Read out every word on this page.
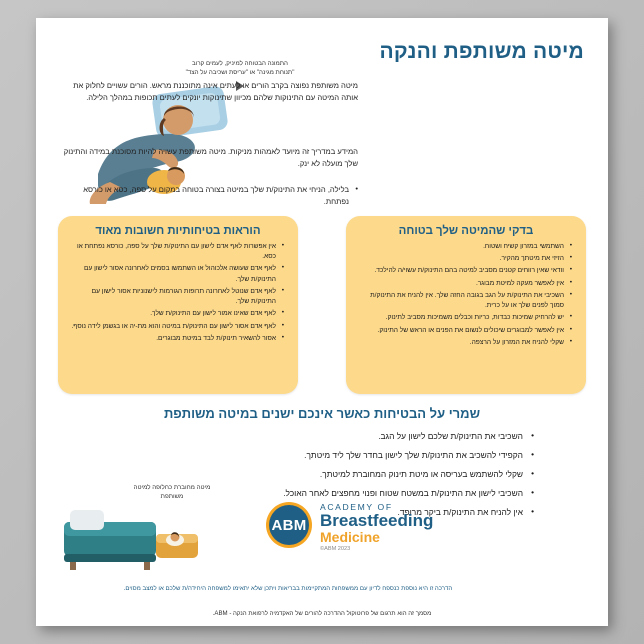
מיטה משותפת והנקה
התמונה הבטוחה למיניק, לעמים קרוב "תנוחת מגינה" או "עריסת ושכיבה על הצד"
מיטה משותפת נפוצה בקרב הורים או לעתים אינה מתוכננת מראש. הורים עשויים לחלוק את אותה המיטה עם התינוקות שלהם מכיוון שתינוקות יונקים לעתים תכופות במהלך הלילה.
המידע במדריך זה מיועד לאמהות מניקות. מיטה משותפת עשויה להיות מסוכנת במידה והתינוק שלך מועלה לא ינק.
• בלילה, הניחי את התינוק/ת שלך במיטה בצורה בטוחה במקום על ספה, כסא או כורסא נפתחת.
בדקי שהמיטה שלך בטוחה
• השתמשי במזרון קשיח ושטוח.
• הזיזי את מיטתך מהקיר.
• וודאי שאין רווחים קטנים מסביב למיטה בהם התינוק/ת עשוי/ה להילכד.
• אין לאפשר מעקה למיטת מבוגר.
• השכיבי את התינוק/ת על הגב בגובה החזה שלך. אין להניח את התינוק/ת סמוך לפנים שלך או על כרית.
• יש להרחיק שמיכות כבדות, כריות וכבלים משמיכות מסביב לתינוק.
• אין לאפשר למבוגרים שיכולים לנשום את הפנים או הראש של התינוק.
• שקלי להניח את המזרון על הרצפה.
הוראות בטיחותיות חשובות מאוד
• אין אפשרות לאף אדם לישון עם התינוק/ת שלך על ספה, כורסא נפתחת או כסא.
• לאף אדם שעושה אלכוהול או השתמשו בסמים לאחרונה אסור לישון עם התינוק/ת שלך.
• לאף אדם שנוטל לאחרונה תרופות הגורמות לישנוניות אסור לישון עם התינוק/ת שלך.
• לאף אדם שאינו אמור לישון עם התינוק/ת שלך.
• לאף אדם אסור לישון עם התינוק/ת במיטה והוא מת-יה או בגשמן לידה נוסף.
• אסור להשאיר תינוק/ת לבד במיטת מבוגרים.
שמרי על הבטיחות כאשר אינכם ישנים במיטה משותפת
• השכיבי את התינוק/ת שלכם לישון על הגב.
• הקפידי להשכיב את התינוק/ת שלך לישון בחדר שלך ליד מיטתך.
• שקלי להשתמש בעריסה או מיטת תינוק המחוברת למיטתך.
• השכיבי לישון את התינוק/ת במשטח שטוח ופנוי מחפצים לאחר האוכל.
• אין להניח את התינוק/ת ביקר מרופד.
מיטה מחוברת כחלופה למיטה משותפת
ABM
ACADEMY OF
Breastfeeding
Medicine
©ABM 2023
הדרכה זו היא נוספת כנספח לדיון עם ממשפחות המתקיימות בבריאות ויתכן שלא יתאימו למשפחה היחידה/ת שלכם או למצב מסוים.
מסמך זה הוא תרגום של פרוטוקול ההדרכה להורים של האקדמיה לרפואת הנקה - ABM.
